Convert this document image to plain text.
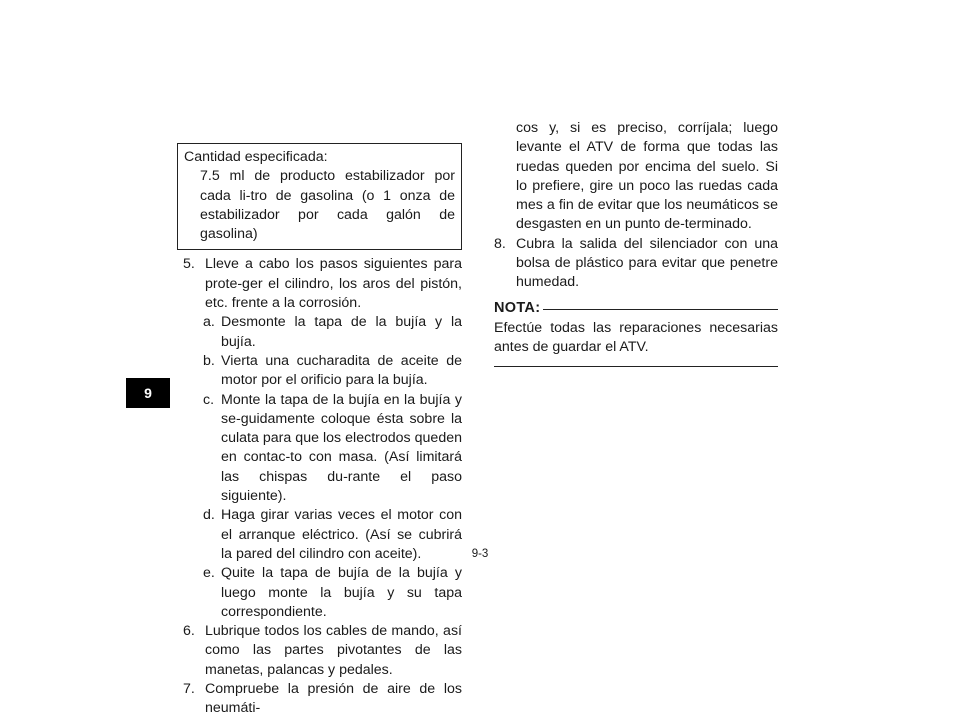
9
Cantidad especificada:
7.5 ml de producto estabilizador por cada li-tro de gasolina (o 1 onza de estabilizador por cada galón de gasolina)
5. Lleve a cabo los pasos siguientes para prote-ger el cilindro, los aros del pistón, etc. frente a la corrosión.
a. Desmonte la tapa de la bujía y la bujía.
b. Vierta una cucharadita de aceite de motor por el orificio para la bujía.
c. Monte la tapa de la bujía en la bujía y se-guidamente coloque ésta sobre la culata para que los electrodos queden en contac-to con masa. (Así limitará las chispas du-rante el paso siguiente).
d. Haga girar varias veces el motor con el arranque eléctrico. (Así se cubrirá la pared del cilindro con aceite).
e. Quite la tapa de bujía de la bujía y luego monte la bujía y su tapa correspondiente.
6. Lubrique todos los cables de mando, así como las partes pivotantes de las manetas, palancas y pedales.
7. Compruebe la presión de aire de los neumáti-
cos y, si es preciso, corríjala; luego levante el ATV de forma que todas las ruedas queden por encima del suelo. Si lo prefiere, gire un poco las ruedas cada mes a fin de evitar que los neumáticos se desgasten en un punto de-terminado.
8. Cubra la salida del silenciador con una bolsa de plástico para evitar que penetre humedad.
NOTA:
Efectúe todas las reparaciones necesarias antes de guardar el ATV.
9-3
